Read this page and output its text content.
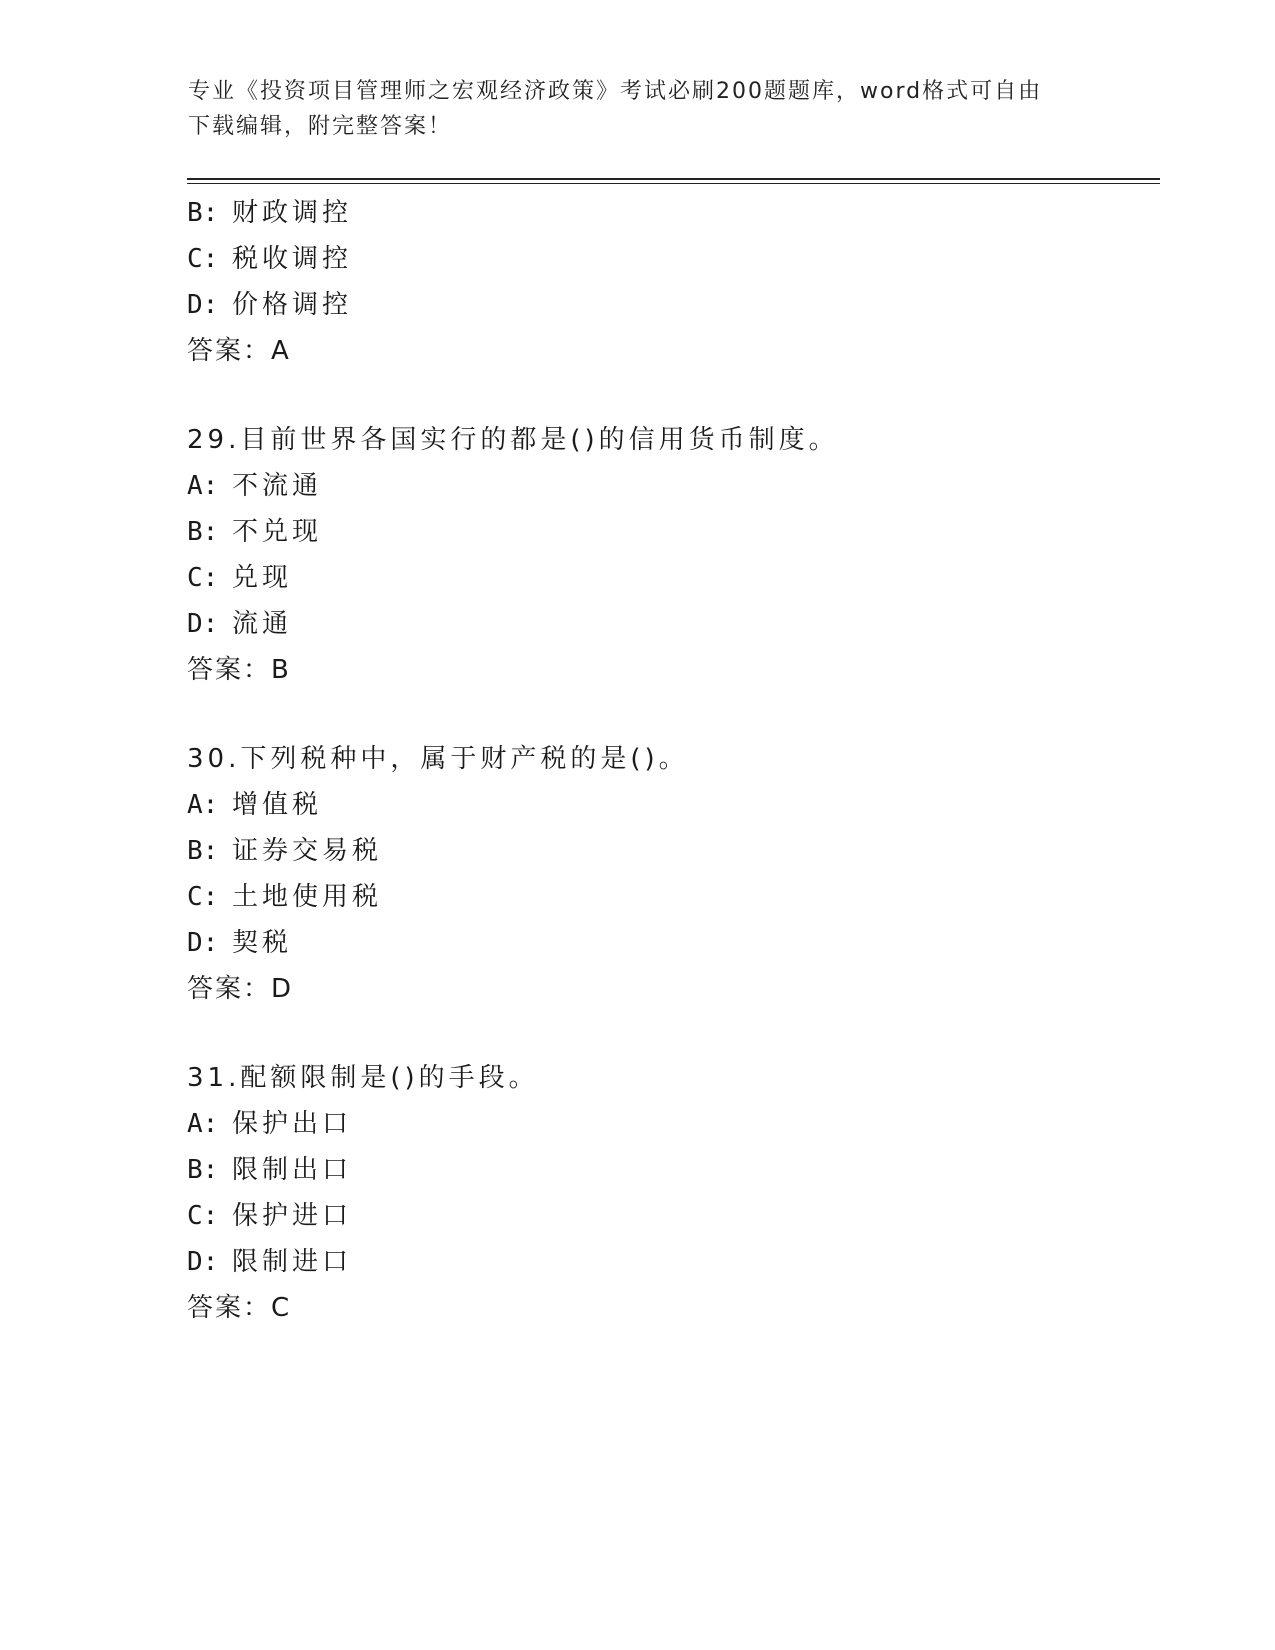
专业《投资项目管理师之宏观经济政策》考试必刷200题题库，word格式可自由
下载编辑，附完整答案！
B: 财政调控
C: 税收调控
D: 价格调控
答案：A
29.目前世界各国实行的都是()的信用货币制度。
A: 不流通
B: 不兑现
C: 兑现
D: 流通
答案：B
30.下列税种中，属于财产税的是()。
A: 增值税
B: 证券交易税
C: 土地使用税
D: 契税
答案：D
31.配额限制是()的手段。
A: 保护出口
B: 限制出口
C: 保护进口
D: 限制进口
答案：C
